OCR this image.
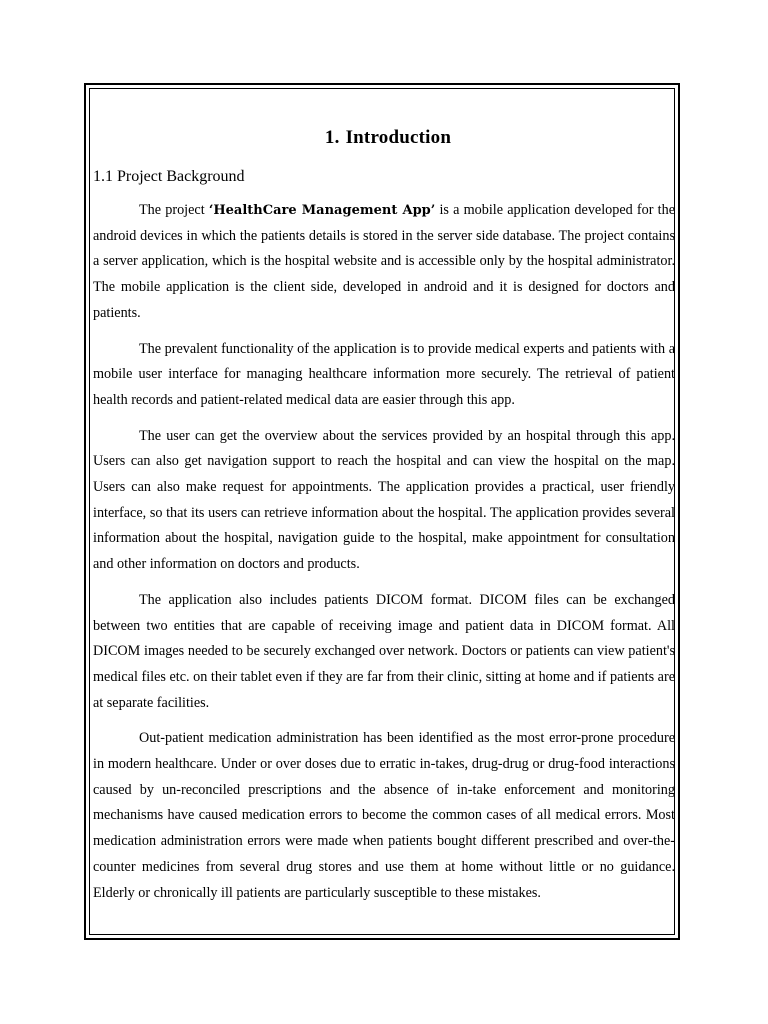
1. Introduction
1.1 Project Background

The project ‘HealthCare Management App’ is a mobile application developed for the android devices in which the patients details is stored in the server side database. The project contains a server application, which is the hospital website and is accessible only by the hospital administrator. The mobile application is the client side, developed in android and it is designed for doctors and patients.

The prevalent functionality of the application is to provide medical experts and patients with a mobile user interface for managing healthcare information more securely. The retrieval of patient health records and patient-related medical data are easier through this app.

The user can get the overview about the services provided by an hospital through this app. Users can also get navigation support to reach the hospital and can view the hospital on the map. Users can also make request for appointments. The application provides a practical, user friendly interface, so that its users can retrieve information about the hospital. The application provides several information about the hospital, navigation guide to the hospital, make appointment for consultation and other information on doctors and products.

The application also includes patients DICOM format. DICOM files can be exchanged between two entities that are capable of receiving image and patient data in DICOM format. All DICOM images needed to be securely exchanged over network. Doctors or patients can view patient's medical files etc. on their tablet even if they are far from their clinic, sitting at home and if patients are at separate facilities.

Out-patient medication administration has been identified as the most error-prone procedure in modern healthcare. Under or over doses due to erratic in-takes, drug-drug or drug-food interactions caused by un-reconciled prescriptions and the absence of in-take enforcement and monitoring mechanisms have caused medication errors to become the common cases of all medical errors. Most medication administration errors were made when patients bought different prescribed and over-the-counter medicines from several drug stores and use them at home without little or no guidance. Elderly or chronically ill patients are particularly susceptible to these mistakes.
